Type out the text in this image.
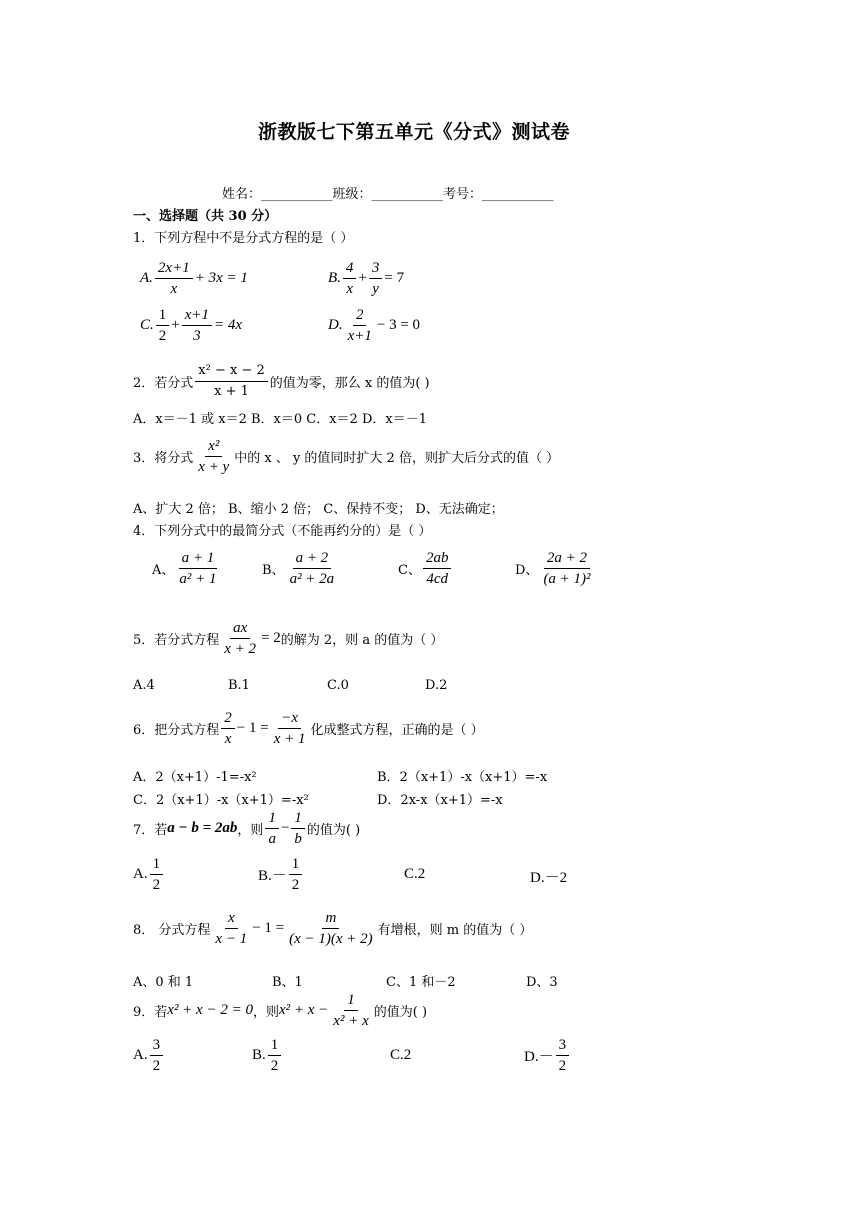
浙教版七下第五单元《分式》测试卷
姓名：___________班级：___________考号：___________
一、选择题（共 30 分）
1．下列方程中不是分式方程的是（ ）
A.
2x+1
x
+ 3x = 1	B.
4
x
+ $\frac{3}{y} = 7$
C.
1
2
+ $\frac{x+1}{3} = 4x$	D.
2
x+1
− 3 = 0
2．若分式
x² − x − 2
x + 1
的值为零，那么 x 的值为( )
A．x＝－1 或 x＝2 B．x＝0 C．x＝2 D．x＝－1
3．将分式
x²
x + y
中的 x 、 y 的值同时扩大 2 倍，则扩大后分式的值（ ）
A、扩大 2 倍； B、缩小 2 倍； C、保持不变； D、无法确定；
4．下列分式中的最简分式（不能再约分的）是（ ）
A、
a + 1
a² + 1
B、
a + 2
a² + 2a
C、
2ab
4cd
D、
2a + 2
(a + 1)²
5．若分式方程 $\frac{ax}{x + 2} = 2$ 的解为 2，则 a 的值为（ ）
A.4	B.1	C.0	D.2
6．把分式方程
2
x
− $1 = \frac{-x}{x + 1}$ 化成整式方程，正确的是（ ）
A．2（x+1）-1=-x²	B．2（x+1）-x（x+1）=-x
C．2（x+1）-x（x+1）=-x²	D．2x-x（x+1）=-x
7．若 a − b = 2ab ，则
1
a
− $\frac{1}{b}$ 的值为( )
A.
1
2
B.－
1
2
C.2	D.－2
8． 分式方程
x
x − 1
− $1 = \frac{m}{(x - 1)(x + 2)}$ 有增根，则 m 的值为（ ）
A、0 和 1	B、1	C、1 和－2	D、3
9．若 x² + x − 2 = 0 ，则 $x^2 + x - \frac{1}{\text{x² + x}}$ 的值为( )
A.
3
2
B.
1
2
C.2	D.－
3
2
